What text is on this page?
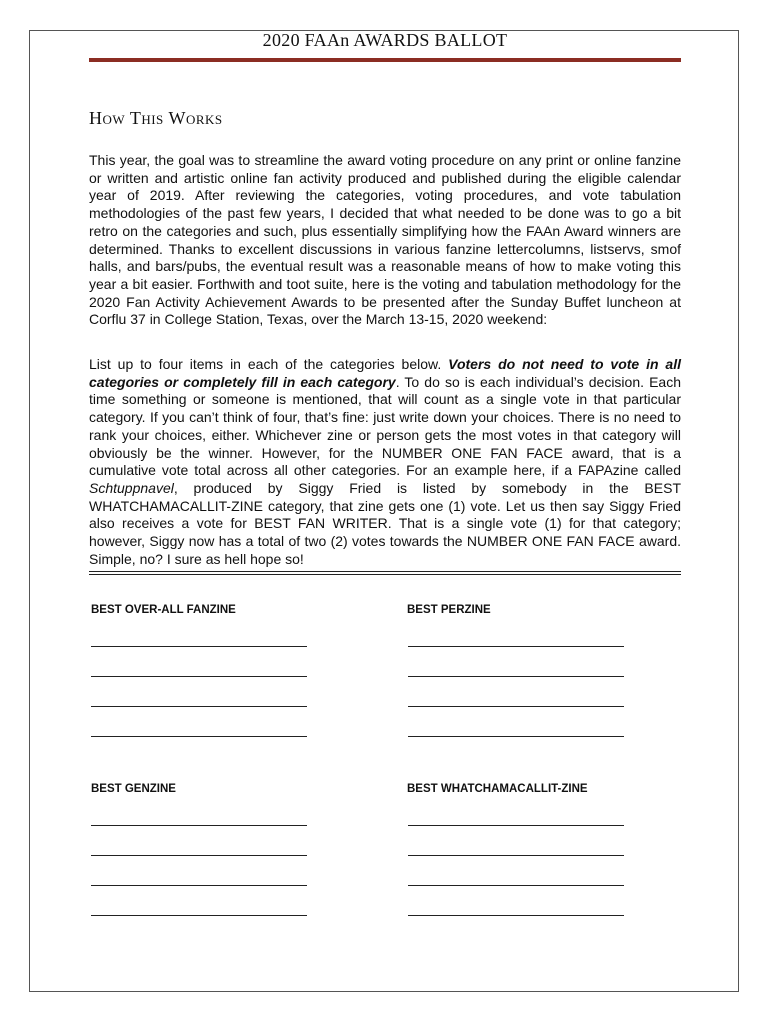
2020 FAAn AWARDS BALLOT
How This Works

This year, the goal was to streamline the award voting procedure on any print or online fanzine or written and artistic online fan activity produced and published during the eligible calendar year of 2019. After reviewing the categories, voting procedures, and vote tabulation methodologies of the past few years, I decided that what needed to be done was to go a bit retro on the categories and such, plus essentially simplifying how the FAAn Award winners are determined. Thanks to excellent discussions in various fanzine lettercolumns, listservs, smof halls, and bars/pubs, the eventual result was a reasonable means of how to make voting this year a bit easier. Forthwith and toot suite, here is the voting and tabulation methodology for the 2020 Fan Activity Achievement Awards to be presented after the Sunday Buffet luncheon at Corflu 37 in College Station, Texas, over the March 13-15, 2020 weekend:

List up to four items in each of the categories below. Voters do not need to vote in all categories or completely fill in each category. To do so is each individual’s decision. Each time something or someone is mentioned, that will count as a single vote in that particular category. If you can’t think of four, that’s fine: just write down your choices. There is no need to rank your choices, either. Whichever zine or person gets the most votes in that category will obviously be the winner. However, for the NUMBER ONE FAN FACE award, that is a cumulative vote total across all other categories. For an example here, if a FAPAzine called Schtuppnavel, produced by Siggy Fried is listed by somebody in the BEST WHATCHAMACALLIT-ZINE category, that zine gets one (1) vote. Let us then say Siggy Fried also receives a vote for BEST FAN WRITER. That is a single vote (1) for that category; however, Siggy now has a total of two (2) votes towards the NUMBER ONE FAN FACE award. Simple, no? I sure as hell hope so!

BEST OVER-ALL FANZINE	BEST PERZINE
BEST GENZINE	BEST WHATCHAMACALLIT-ZINE
